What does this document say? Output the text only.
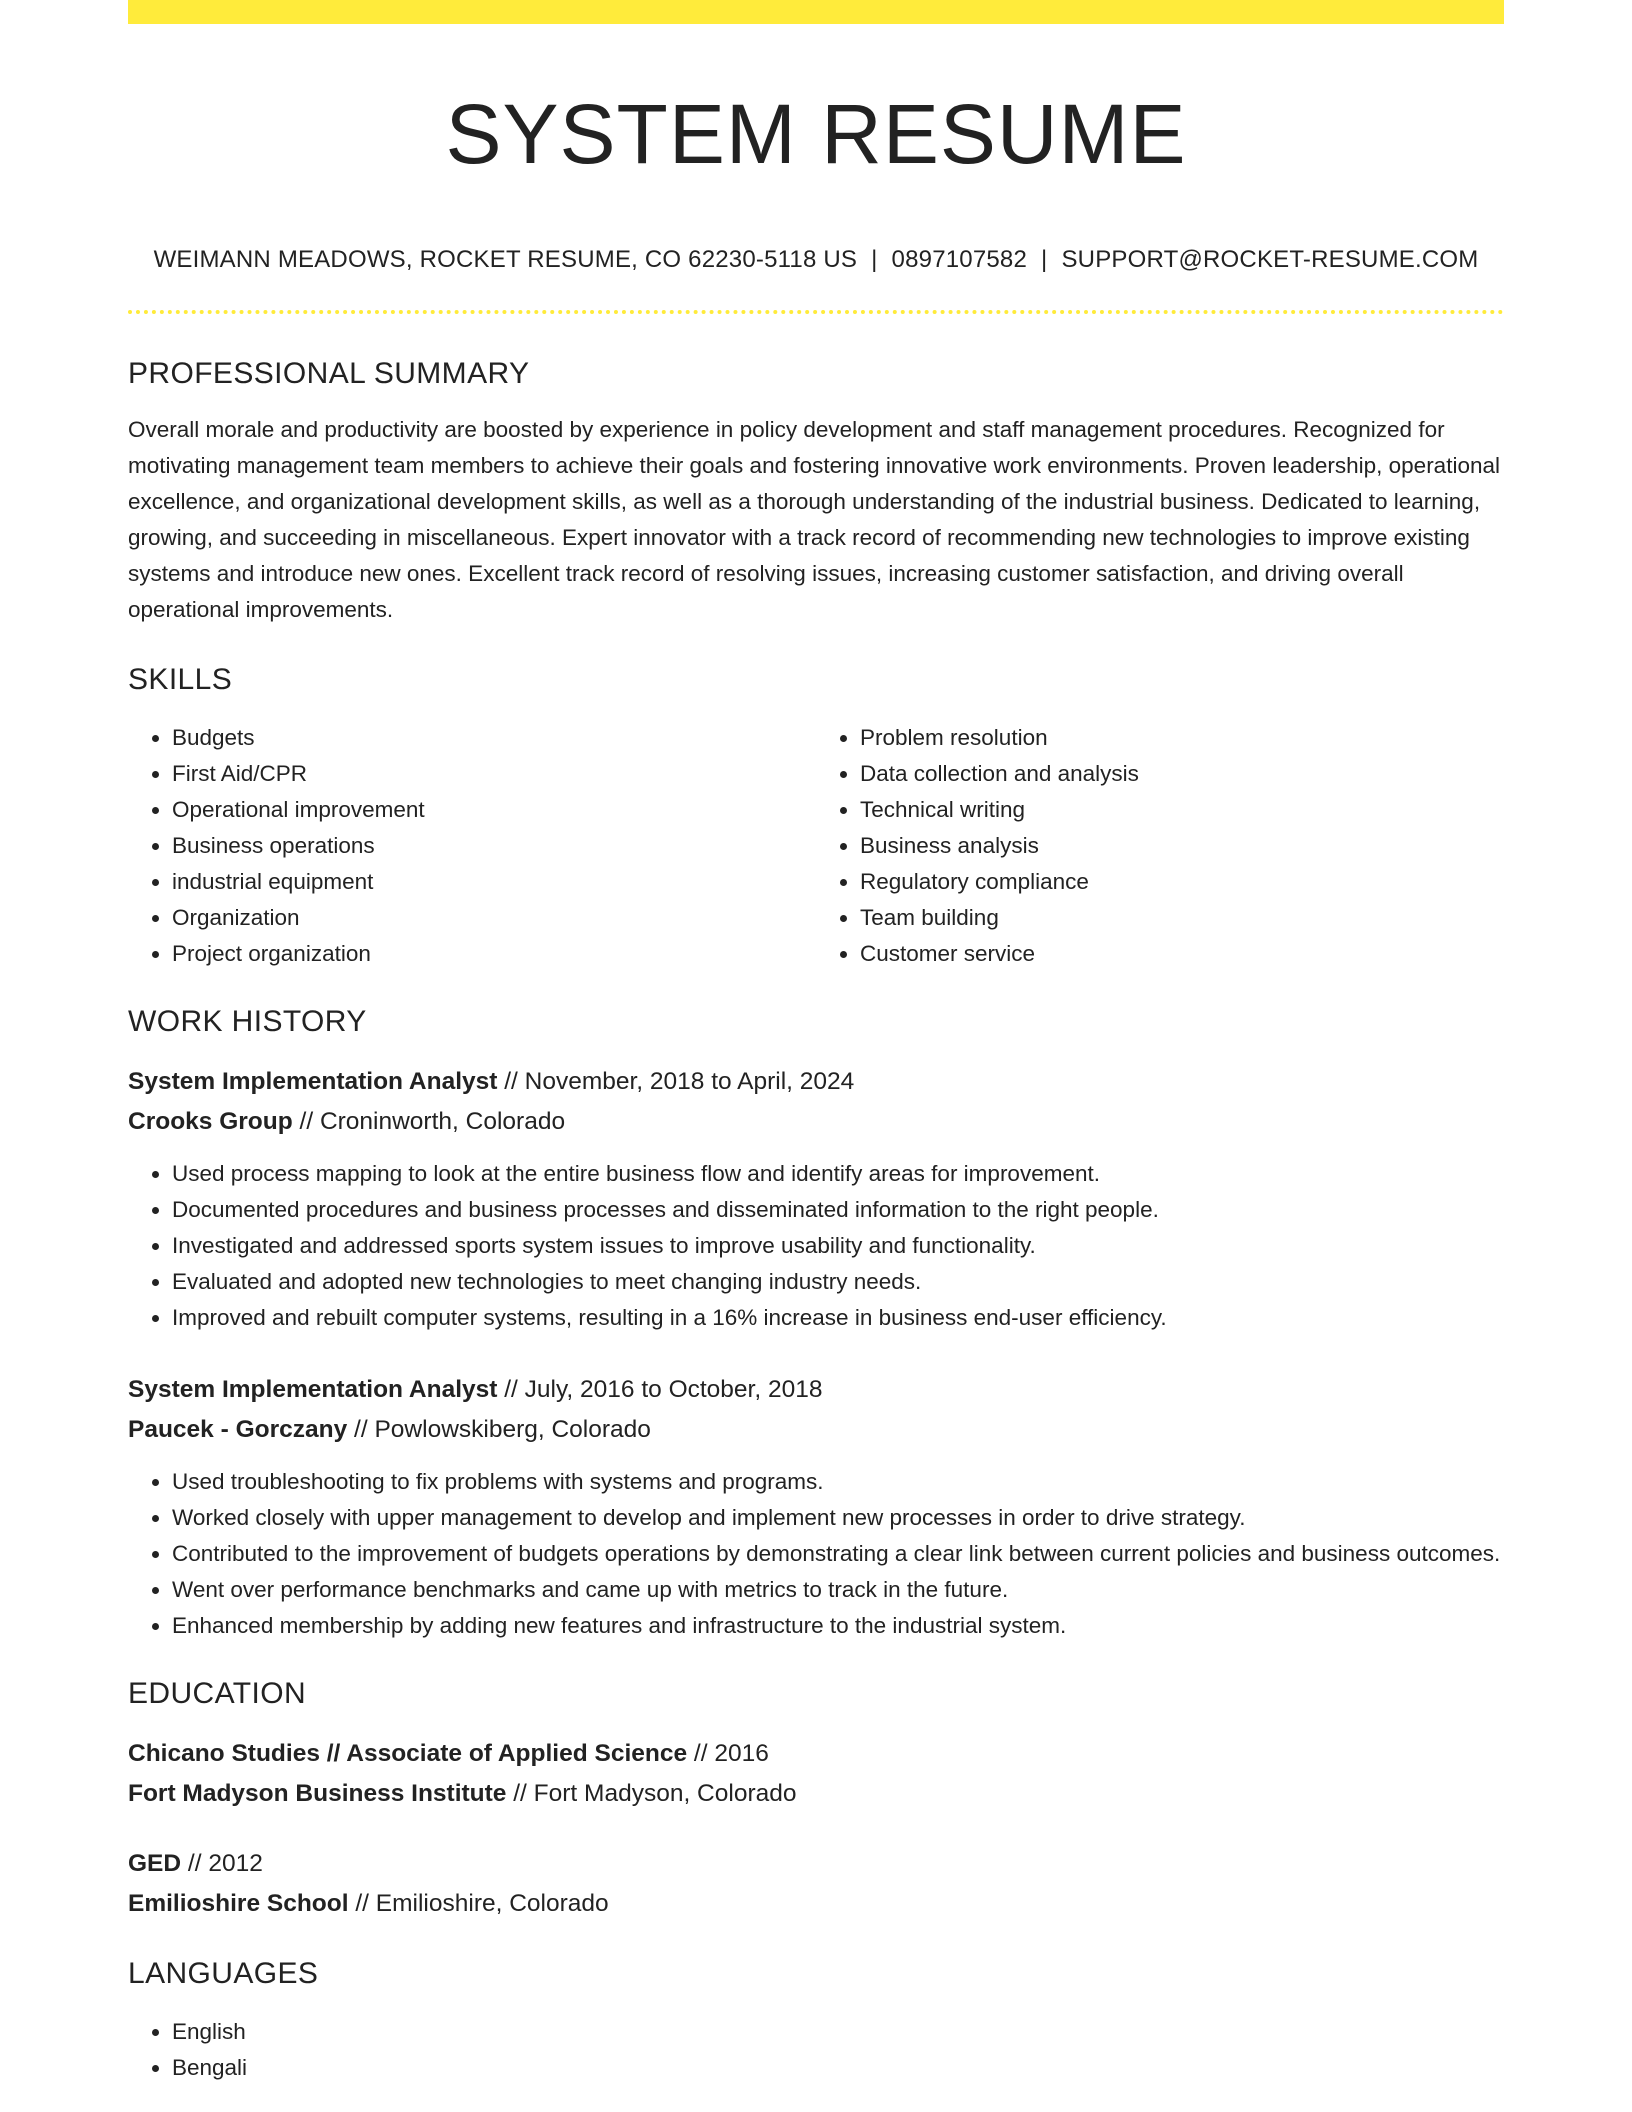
SYSTEM RESUME
WEIMANN MEADOWS, ROCKET RESUME, CO 62230-5118 US | 0897107582 | SUPPORT@ROCKET-RESUME.COM
PROFESSIONAL SUMMARY

Overall morale and productivity are boosted by experience in policy development and staff management procedures. Recognized for motivating management team members to achieve their goals and fostering innovative work environments. Proven leadership, operational excellence, and organizational development skills, as well as a thorough understanding of the industrial business. Dedicated to learning, growing, and succeeding in miscellaneous. Expert innovator with a track record of recommending new technologies to improve existing systems and introduce new ones. Excellent track record of resolving issues, increasing customer satisfaction, and driving overall operational improvements.

SKILLS
• Budgets
• First Aid/CPR
• Operational improvement
• Business operations
• industrial equipment
• Organization
• Project organization
• Problem resolution
• Data collection and analysis
• Technical writing
• Business analysis
• Regulatory compliance
• Team building
• Customer service
WORK HISTORY
System Implementation Analyst // November, 2018 to April, 2024
Crooks Group // Croninworth, Colorado
• Used process mapping to look at the entire business flow and identify areas for improvement.
• Documented procedures and business processes and disseminated information to the right people.
• Investigated and addressed sports system issues to improve usability and functionality.
• Evaluated and adopted new technologies to meet changing industry needs.
• Improved and rebuilt computer systems, resulting in a 16% increase in business end-user efficiency.
System Implementation Analyst // July, 2016 to October, 2018
Paucek - Gorczany // Powlowskiberg, Colorado
• Used troubleshooting to fix problems with systems and programs.
• Worked closely with upper management to develop and implement new processes in order to drive strategy.
• Contributed to the improvement of budgets operations by demonstrating a clear link between current policies and business outcomes.
• Went over performance benchmarks and came up with metrics to track in the future.
• Enhanced membership by adding new features and infrastructure to the industrial system.
EDUCATION
Chicano Studies // Associate of Applied Science // 2016
Fort Madyson Business Institute // Fort Madyson, Colorado
GED // 2012
Emilioshire School // Emilioshire, Colorado
LANGUAGES
• English
• Bengali
